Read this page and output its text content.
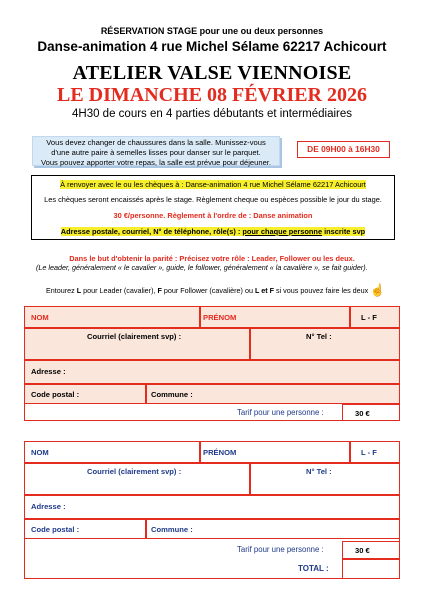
RÉSERVATION STAGE pour une ou deux personnes
Danse-animation 4 rue Michel Sélame 62217 Achicourt
ATELIER VALSE VIENNOISE
LE DIMANCHE 08 FÉVRIER 2026
4H30 de cours en 4 parties débutants et intermédiaires
Vous devez changer de chaussures dans la salle. Munissez-vous
d'une autre paire à semelles lisses pour danser sur le parquet.
Vous pouvez apporter votre repas, la salle est prévue pour déjeuner.
DE 09H00 à 16H30
À renvoyer avec le ou les chèques à : Danse-animation 4 rue Michel Sélame 62217 Achicourt
Les chèques seront encaissés après le stage. Règlement cheque ou espèces possible le jour du stage.
30 €/personne. Règlement à l'ordre de : Danse animation
Adresse postale, courriel, N° de téléphone, rôle(s) : pour chaque personne inscrite svp
Dans le but d'obtenir la parité : Précisez votre rôle : Leader, Follower ou les deux.
(Le leader, généralement « le cavalier », guide, le follower, généralement « la cavalière », se fait guider).
Entourez L pour Leader (cavalier), F pour Follower (cavalière) ou L et F si vous pouvez faire les deux ☝
NOM	PRÉNOM	L - F
Courriel (clairement svp) :	N° Tel :
Adresse :
Code postal :	Commune :
Tarif pour une personne :	30 €
NOM	PRÉNOM	L - F
Courriel (clairement svp) :	N° Tel :
Adresse :
Code postal :	Commune :
Tarif pour une personne :	30 €
TOTAL :
